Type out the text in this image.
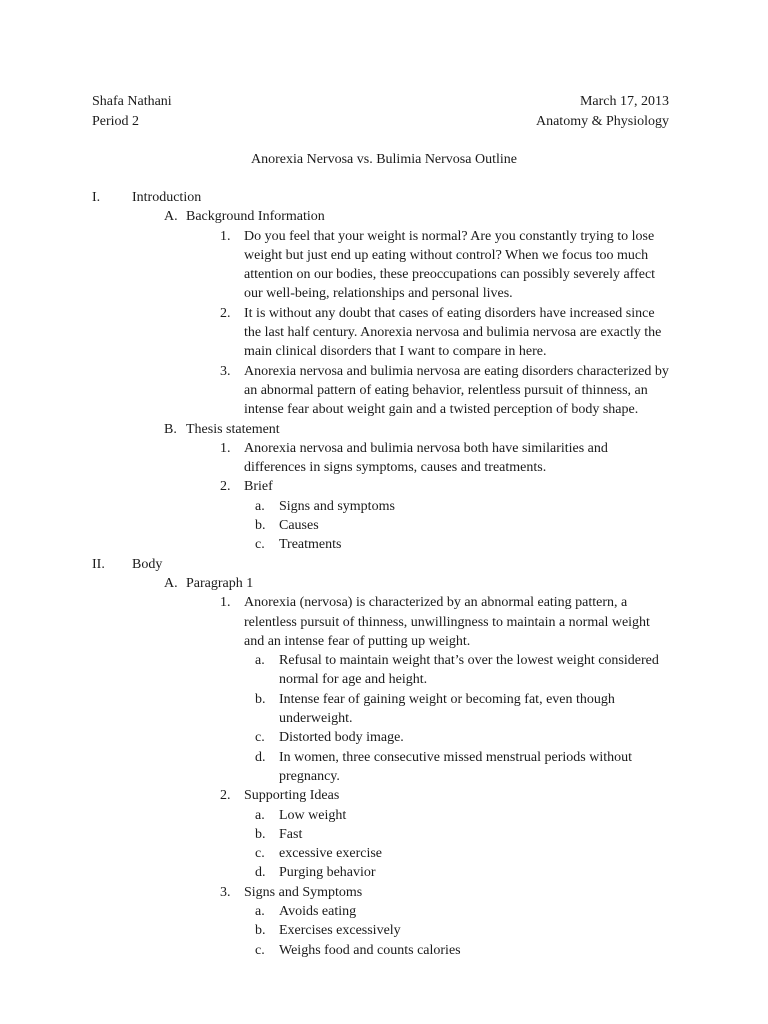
Shafa Nathani	March 17, 2013
Period 2	Anatomy & Physiology
Anorexia Nervosa vs. Bulimia Nervosa Outline
I. Introduction
A. Background Information
1. Do you feel that your weight is normal? Are you constantly trying to lose weight but just end up eating without control? When we focus too much attention on our bodies, these preoccupations can possibly severely affect our well-being, relationships and personal lives.
2. It is without any doubt that cases of eating disorders have increased since the last half century. Anorexia nervosa and bulimia nervosa are exactly the main clinical disorders that I want to compare in here.
3. Anorexia nervosa and bulimia nervosa are eating disorders characterized by an abnormal pattern of eating behavior, relentless pursuit of thinness, an intense fear about weight gain and a twisted perception of body shape.
B. Thesis statement
1. Anorexia nervosa and bulimia nervosa both have similarities and differences in signs symptoms, causes and treatments.
2. Brief
a. Signs and symptoms
b. Causes
c. Treatments
II. Body
A. Paragraph 1
1. Anorexia (nervosa) is characterized by an abnormal eating pattern, a relentless pursuit of thinness, unwillingness to maintain a normal weight and an intense fear of putting up weight.
a. Refusal to maintain weight that’s over the lowest weight considered normal for age and height.
b. Intense fear of gaining weight or becoming fat, even though underweight.
c. Distorted body image.
d. In women, three consecutive missed menstrual periods without pregnancy.
2. Supporting Ideas
a. Low weight
b. Fast
c. excessive exercise
d. Purging behavior
3. Signs and Symptoms
a. Avoids eating
b. Exercises excessively
c. Weighs food and counts calories
